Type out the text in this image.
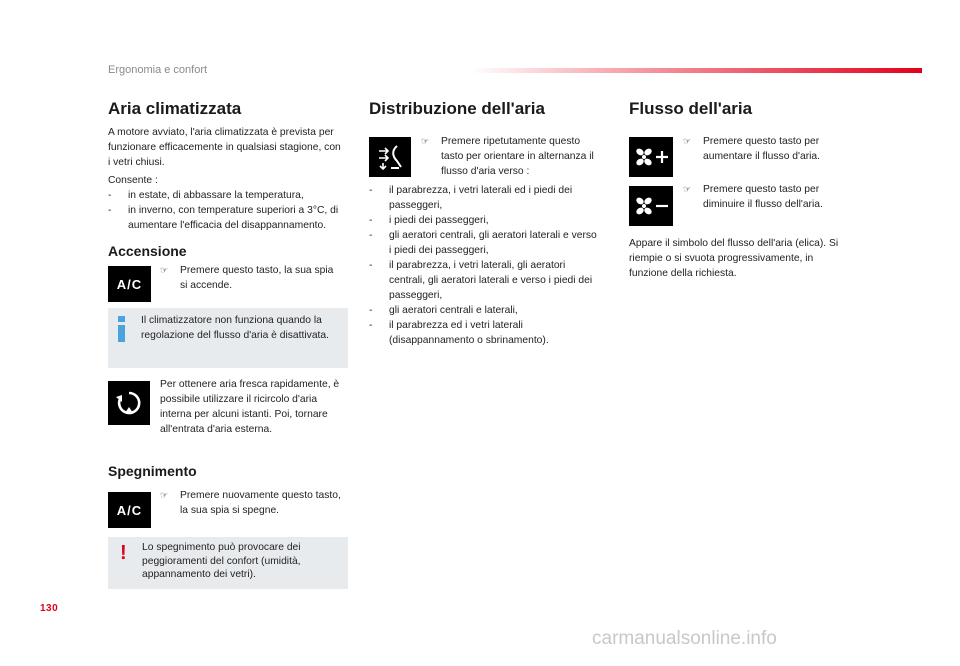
Ergonomia e confort
Aria climatizzata
A motore avviato, l'aria climatizzata è prevista per funzionare efficacemente in qualsiasi stagione, con i vetri chiusi.
Consente :
-	in estate, di abbassare la temperatura,
-	in inverno, con temperature superiori a 3°C, di aumentare l'efficacia del disappannamento.
Accensione
A/C
☞	Premere questo tasto, la sua spia si accende.
Il climatizzatore non funziona quando la regolazione del flusso d'aria è disattivata.
Per ottenere aria fresca rapidamente, è possibile utilizzare il ricircolo d'aria interna per alcuni istanti. Poi, tornare all'entrata d'aria esterna.
Spegnimento
A/C
☞	Premere nuovamente questo tasto, la sua spia si spegne.
! Lo spegnimento può provocare dei peggioramenti del confort (umidità, appannamento dei vetri).
Distribuzione dell'aria
☞	Premere ripetutamente questo tasto per orientare in alternanza il flusso d'aria verso :
-	il parabrezza, i vetri laterali ed i piedi dei passeggeri,
-	i piedi dei passeggeri,
-	gli aeratori centrali, gli aeratori laterali e verso i piedi dei passeggeri,
-	il parabrezza, i vetri laterali, gli aeratori centrali, gli aeratori laterali e verso i piedi dei passeggeri,
-	gli aeratori centrali e laterali,
-	il parabrezza ed i vetri laterali (disappannamento o sbrinamento).
Flusso dell'aria
☞	Premere questo tasto per aumentare il flusso d'aria.
☞	Premere questo tasto per diminuire il flusso dell'aria.
Appare il simbolo del flusso dell'aria (elica). Si riempie o si svuota progressivamente, in funzione della richiesta.
130
carmanualsonline.info
